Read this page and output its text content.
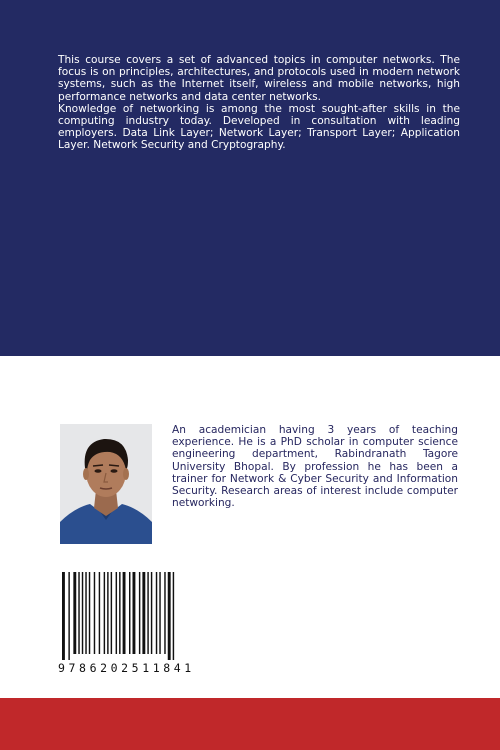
This course covers a set of advanced topics in computer networks. The focus is on principles, architectures, and protocols used in modern network systems, such as the Internet itself, wireless and mobile networks, high performance networks and data center networks.

Knowledge of networking is among the most sought-after skills in the computing industry today. Developed in consultation with leading employers. Data Link Layer; Network Layer; Transport Layer; Application Layer. Network Security and Cryptography.

An academician having 3 years of teaching experience. He is a PhD scholar in computer science engineering department, Rabindranath Tagore University Bhopal. By profession he has been a trainer for Network & Cyber Security and Information Security. Research areas of interest include computer networking.
9786202511841
